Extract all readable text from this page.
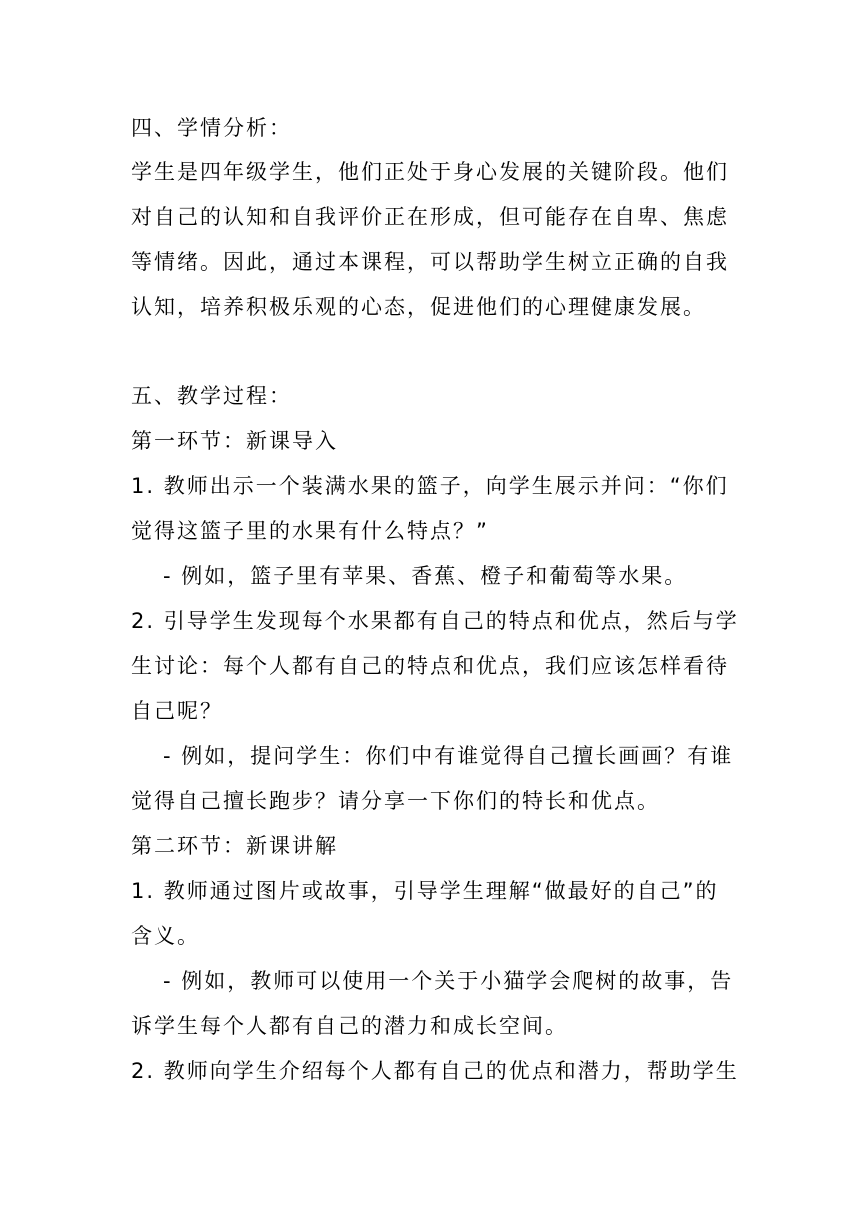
四、学情分析：
学生是四年级学生，他们正处于身心发展的关键阶段。他们
对自己的认知和自我评价正在形成，但可能存在自卑、焦虑
等情绪。因此，通过本课程，可以帮助学生树立正确的自我
认知，培养积极乐观的心态，促进他们的心理健康发展。
五、教学过程：
第一环节：新课导入
1. 教师出示一个装满水果的篮子，向学生展示并问：“你们
觉得这篮子里的水果有什么特点？”
- 例如，篮子里有苹果、香蕉、橙子和葡萄等水果。
2. 引导学生发现每个水果都有自己的特点和优点，然后与学
生讨论：每个人都有自己的特点和优点，我们应该怎样看待
自己呢？
- 例如，提问学生：你们中有谁觉得自己擅长画画？有谁
觉得自己擅长跑步？请分享一下你们的特长和优点。
第二环节：新课讲解
1. 教师通过图片或故事，引导学生理解“做最好的自己”的
含义。
- 例如，教师可以使用一个关于小猫学会爬树的故事，告
诉学生每个人都有自己的潜力和成长空间。
2. 教师向学生介绍每个人都有自己的优点和潜力，帮助学生
